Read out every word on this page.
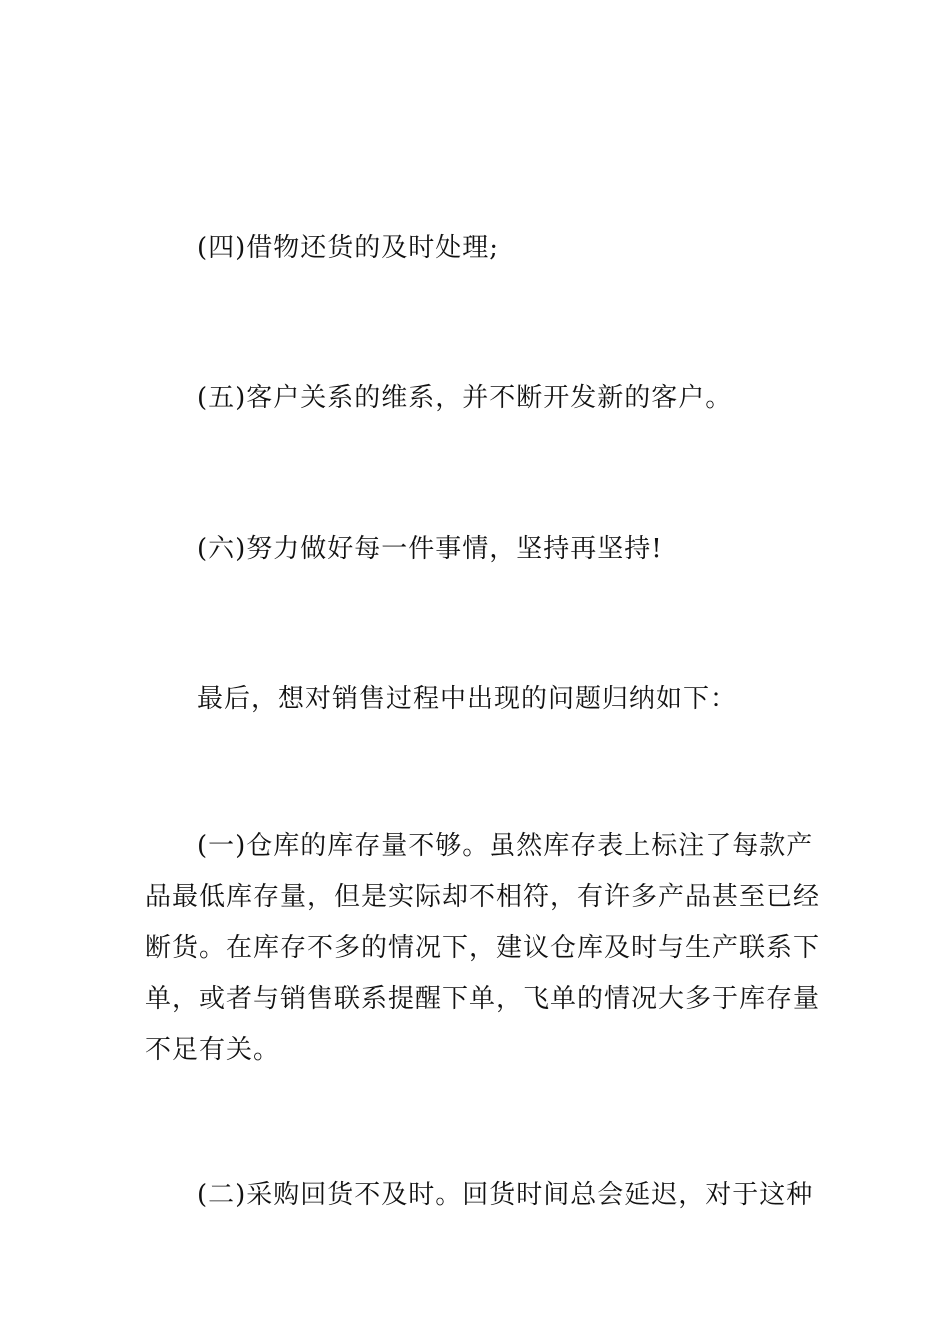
(四)借物还货的及时处理;

(五)客户关系的维系，并不断开发新的客户。

(六)努力做好每一件事情，坚持再坚持!

最后，想对销售过程中出现的问题归纳如下：

(一)仓库的库存量不够。虽然库存表上标注了每款产
品最低库存量，但是实际却不相符，有许多产品甚至已经
断货。在库存不多的情况下，建议仓库及时与生产联系下
单，或者与销售联系提醒下单，飞单的情况大多于库存量
不足有关。

(二)采购回货不及时。回货时间总会延迟，对于这种
